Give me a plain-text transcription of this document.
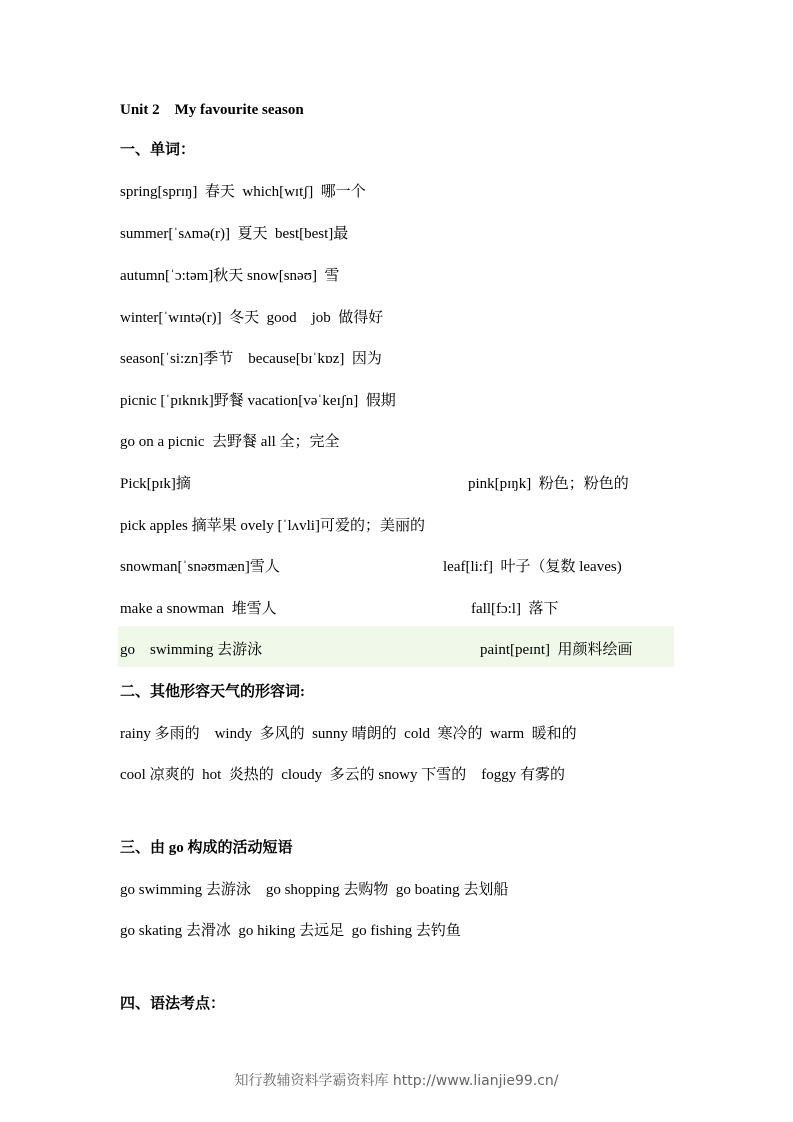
Unit 2    My favourite season
一、单词：
spring[sprɪŋ]  春天  which[wɪtʃ]  哪一个
summer[ˈsʌmə(r)]  夏天  best[best]最
autumn[ˈɔ:təm]秋天 snow[snəʊ]  雪
winter[ˈwɪntə(r)]  冬天  good    job  做得好
season[ˈsi:zn]季节    because[bɪˈkɒz]  因为
picnic [ˈpɪknɪk]野餐 vacation[vəˈkeɪʃn]  假期
go on a picnic  去野餐 all 全；完全
Pick[pɪk]摘	pink[pɪŋk]  粉色；粉色的
pick apples 摘苹果 ovely [ˈlʌvli]可爱的；美丽的
snowman[ˈsnəʊmæn]雪人	leaf[li:f]  叶子（复数 leaves)
make a snowman  堆雪人	fall[fɔ:l]  落下
go    swimming 去游泳	paint[peɪnt]  用颜料绘画
二、其他形容天气的形容词:
rainy 多雨的    windy  多风的  sunny 晴朗的  cold  寒冷的  warm  暖和的
cool 凉爽的  hot  炎热的  cloudy  多云的 snowy 下雪的    foggy 有雾的
三、由 go 构成的活动短语
go swimming 去游泳    go shopping 去购物  go boating 去划船
go skating 去滑冰  go hiking 去远足  go fishing 去钓鱼
四、语法考点：
知行教辅资料学霸资料库 http://www.lianjie99.cn/
